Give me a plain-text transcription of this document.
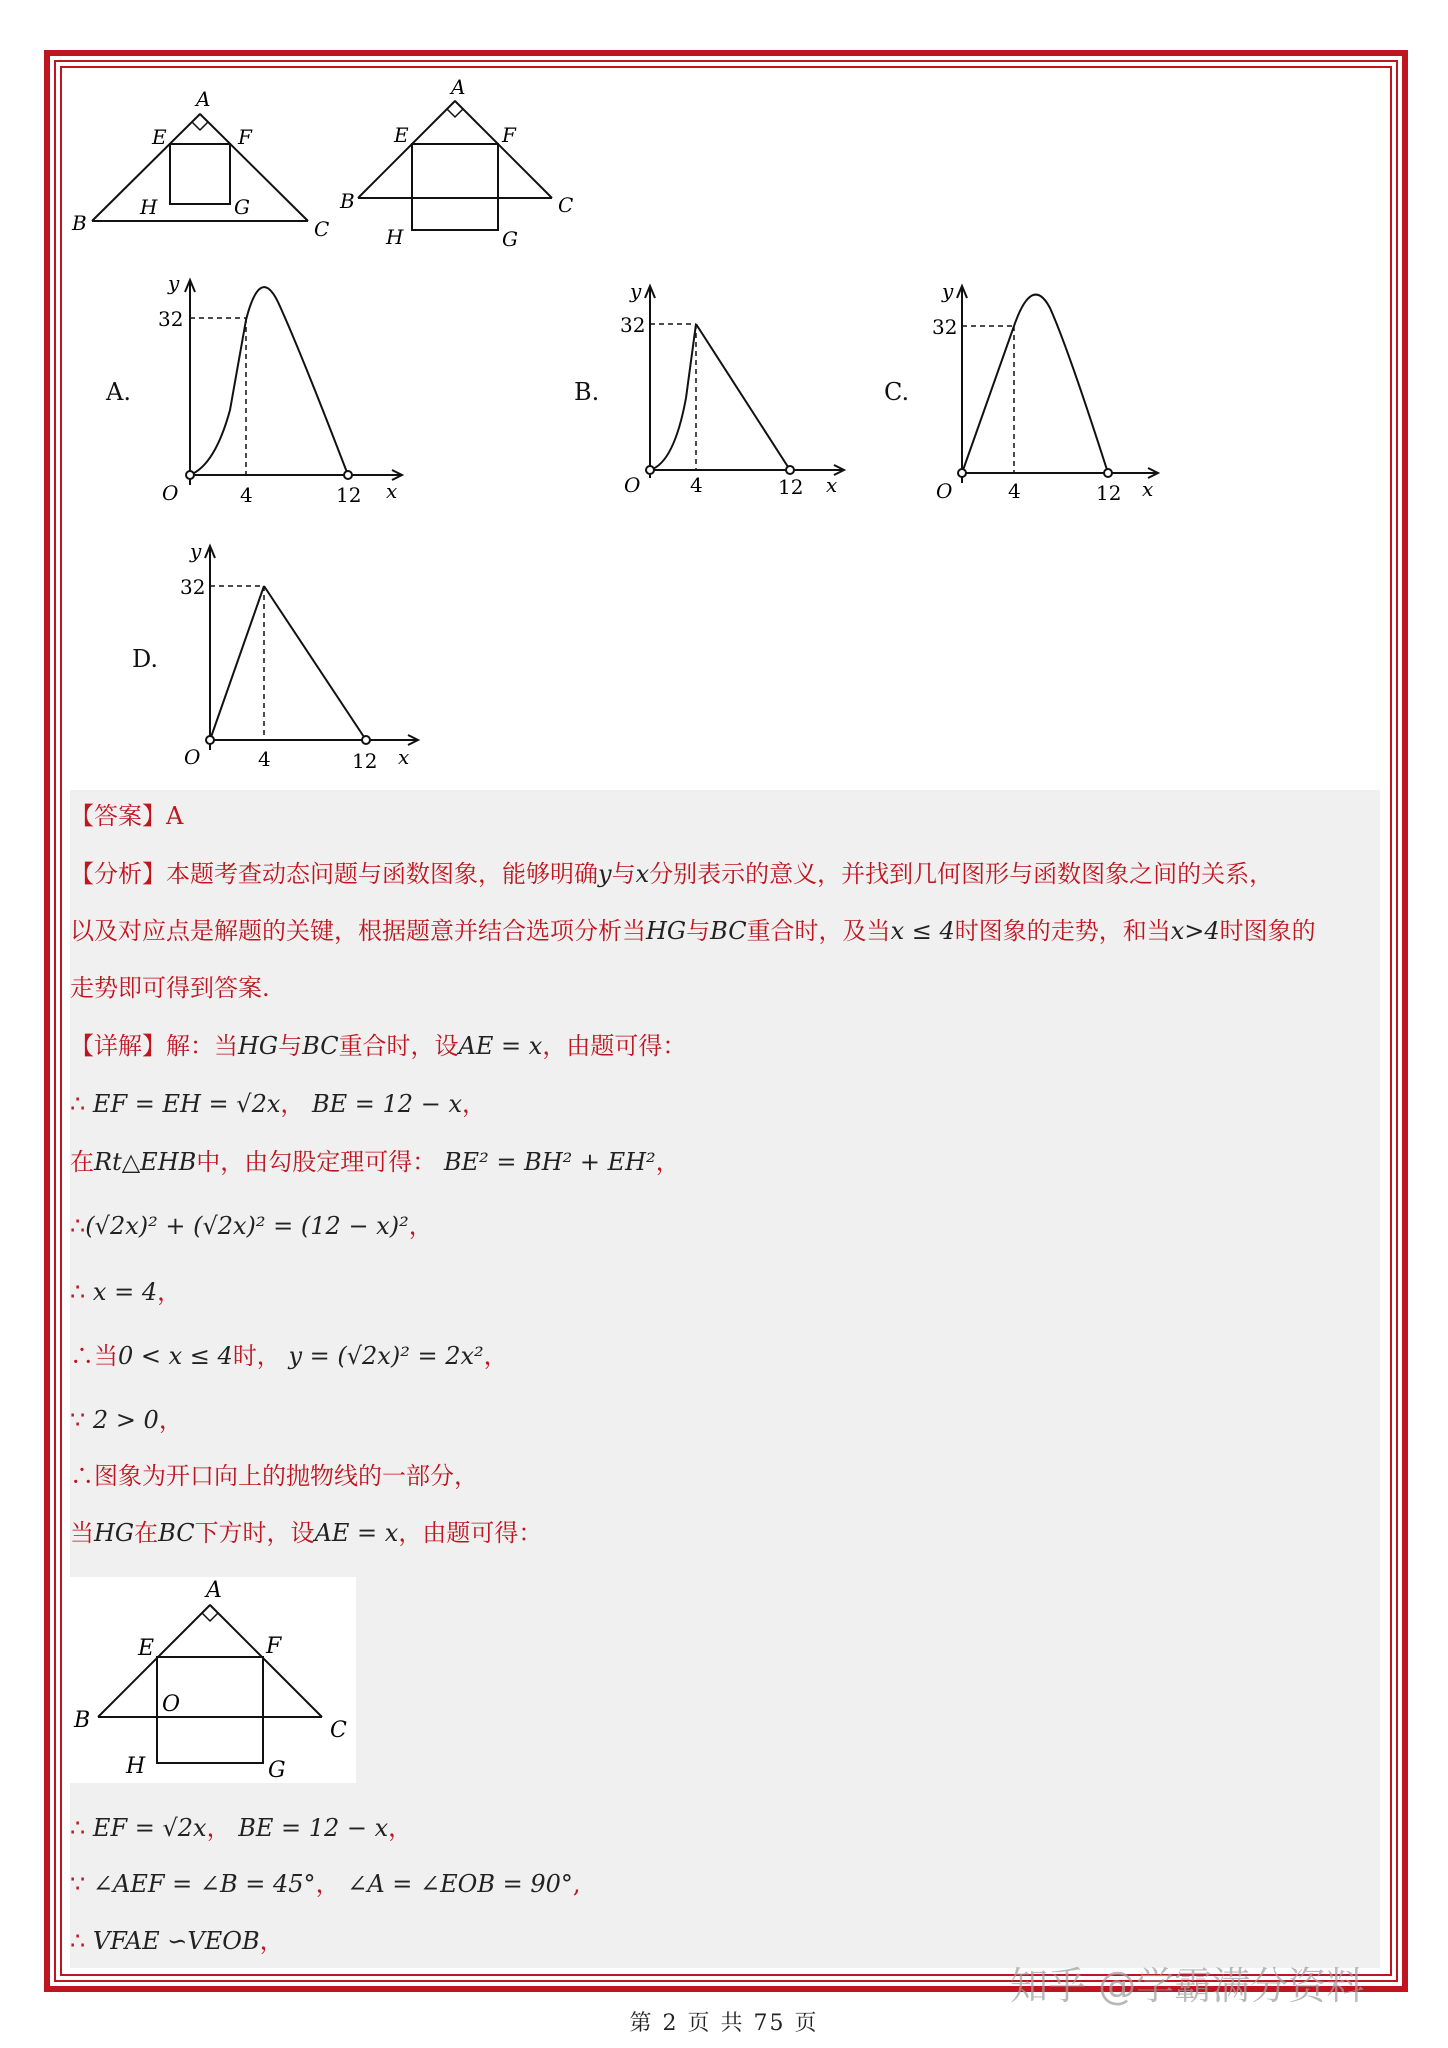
A
E	F
B
H	G
C
A
E	F
B	C
H	G
A.	B.	C.
D.
y
32
O	4	12 x
y
32
O 4	12 x
y
32
O	4	12 x
y
32
O	4	12 x
【答案】A
【分析】本题考查动态问题与函数图象，能够明确y与x分别表示的意义，并找到几何图形与函数图象之间的关系，
以及对应点是解题的关键，根据题意并结合选项分析当HG与BC重合时，及当x ≤ 4时图象的走势，和当x>4时图象的
走势即可得到答案.
【详解】解：当HG与BC重合时，设AE = x，由题可得：
∴ EF = EH = √2x， BE = 12 − x，
在Rt△EHB中，由勾股定理可得： BE² = BH² + EH²，
∴(√2x)² + (√2x)² = (12 − x)²，
∴ x = 4，
∴当0 < x ≤ 4时， y = (√2x)² = 2x²，
∵ 2 > 0，
∴图象为开口向上的抛物线的一部分，
当HG在BC下方时，设AE = x，由题可得：
A
E	F
B
O
C
H	G
∴ EF = √2x， BE = 12 − x，
∵ ∠AEF = ∠B = 45°， ∠A = ∠EOB = 90°,
∴ VFAE ∽VEOB，
知乎 @学霸满分资料
第 2 页 共 75 页
